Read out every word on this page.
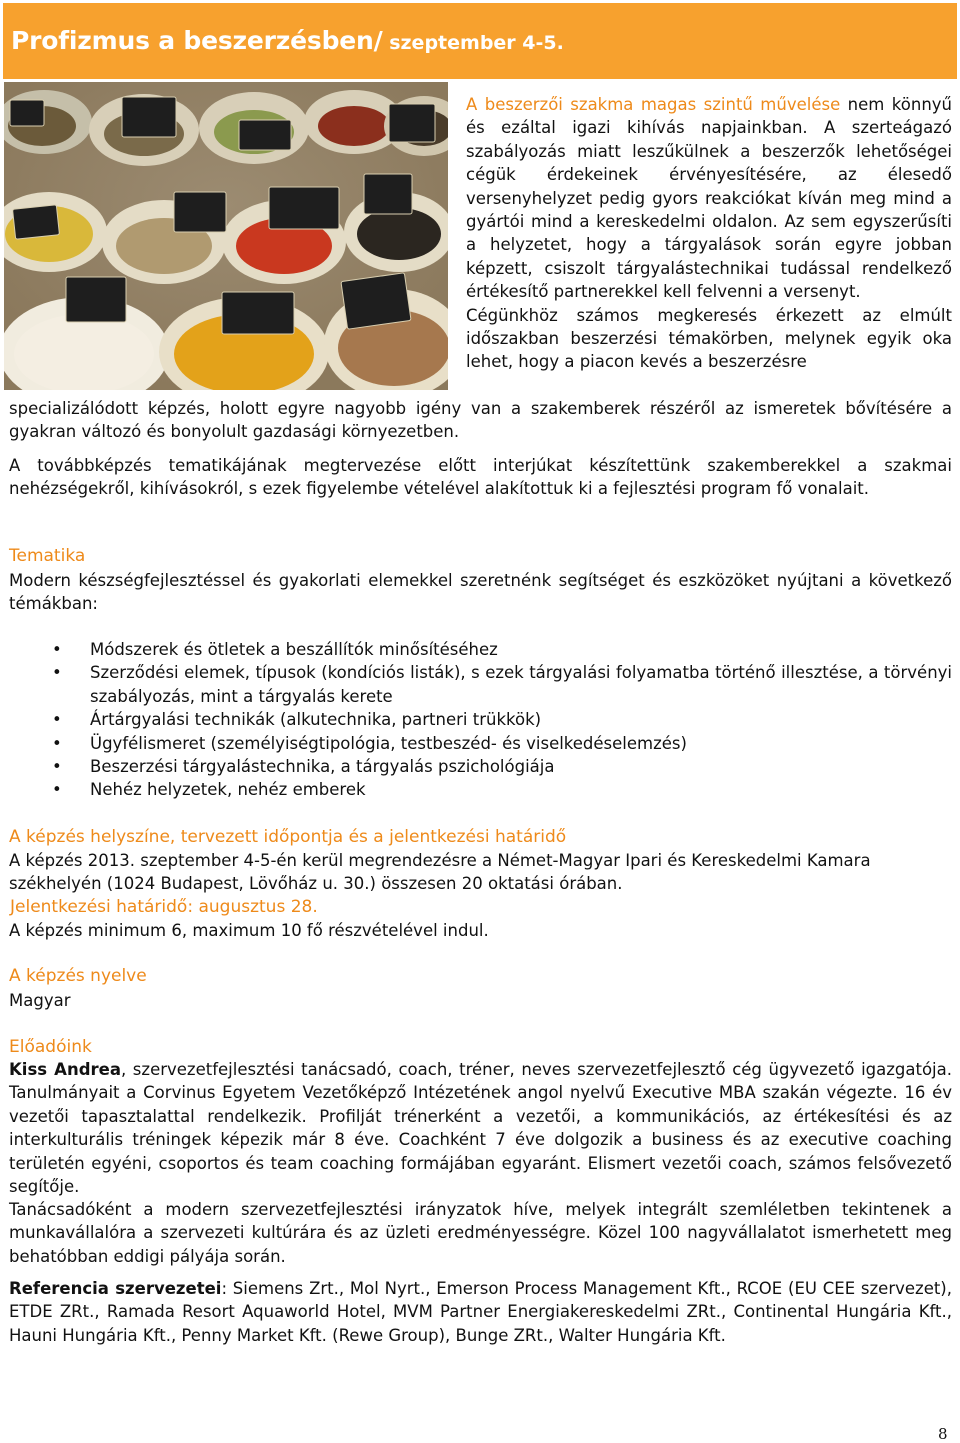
Profizmus a beszerzésben/ szeptember 4-5.

A beszerzői szakma magas szintű művelése nem könnyű és ezáltal igazi kihívás napjainkban. A szerteágazó szabályozás miatt leszűkülnek a beszerzők lehetőségei cégük érdekeinek érvényesítésére, az élesedő versenyhelyzet pedig gyors reakciókat kíván meg mind a gyártói mind a kereskedelmi oldalon. Az sem egyszerűsíti a helyzetet, hogy a tárgyalások során egyre jobban képzett, csiszolt tárgyalástechnikai tudással rendelkező értékesítő partnerekkel kell felvenni a versenyt.

Cégünkhöz számos megkeresés érkezett az elmúlt időszakban beszerzési témakörben, melynek egyik oka lehet, hogy a piacon kevés a beszerzésre

specializálódott képzés, holott egyre nagyobb igény van a szakemberek részéről az ismeretek bővítésére a gyakran változó és bonyolult gazdasági környezetben.
A továbbképzés tematikájának megtervezése előtt interjúkat készítettünk szakemberekkel a szakmai nehézségekről, kihívásokról, s ezek figyelembe vételével alakítottuk ki a fejlesztési program fő vonalait.
Tematika
Modern készségfejlesztéssel és gyakorlati elemekkel szeretnénk segítséget és eszközöket nyújtani a következő témákban:
• Módszerek és ötletek a beszállítók minősítéséhez
• Szerződési elemek, típusok (kondíciós listák), s ezek tárgyalási folyamatba történő illesztése, a törvényi szabályozás, mint a tárgyalás kerete
• Ártárgyalási technikák (alkutechnika, partneri trükkök)
• Ügyfélismeret (személyiségtipológia, testbeszéd- és viselkedéselemzés)
• Beszerzési tárgyalástechnika, a tárgyalás pszichológiája
• Nehéz helyzetek, nehéz emberek
A képzés helyszíne, tervezett időpontja és a jelentkezési határidő
A képzés 2013. szeptember 4-5-én kerül megrendezésre a Német-Magyar Ipari és Kereskedelmi Kamara székhelyén (1024 Budapest, Lövőház u. 30.) összesen 20 oktatási órában.
Jelentkezési határidő: augusztus 28.
A képzés minimum 6, maximum 10 fő részvételével indul.
A képzés nyelve
Magyar
Előadóink
Kiss Andrea, szervezetfejlesztési tanácsadó, coach, tréner, neves szervezetfejlesztő cég ügyvezető igazgatója. Tanulmányait a Corvinus Egyetem Vezetőképző Intézetének angol nyelvű Executive MBA szakán végezte. 16 év vezetői tapasztalattal rendelkezik. Profilját trénerként a vezetői, a kommunikációs, az értékesítési és az interkulturális tréningek képezik már 8 éve. Coachként 7 éve dolgozik a business és az executive coaching területén egyéni, csoportos és team coaching formájában egyaránt. Elismert vezetői coach, számos felsővezető segítője.
Tanácsadóként a modern szervezetfejlesztési irányzatok híve, melyek integrált szemléletben tekintenek a munkavállalóra a szervezeti kultúrára és az üzleti eredményességre. Közel 100 nagyvállalatot ismerhetett meg behatóbban eddigi pályája során.
Referencia szervezetei: Siemens Zrt., Mol Nyrt., Emerson Process Management Kft., RCOE (EU CEE szervezet), ETDE ZRt., Ramada Resort Aquaworld Hotel, MVM Partner Energiakereskedelmi ZRt., Continental Hungária Kft., Hauni Hungária Kft., Penny Market Kft. (Rewe Group), Bunge ZRt., Walter Hungária Kft.
8
